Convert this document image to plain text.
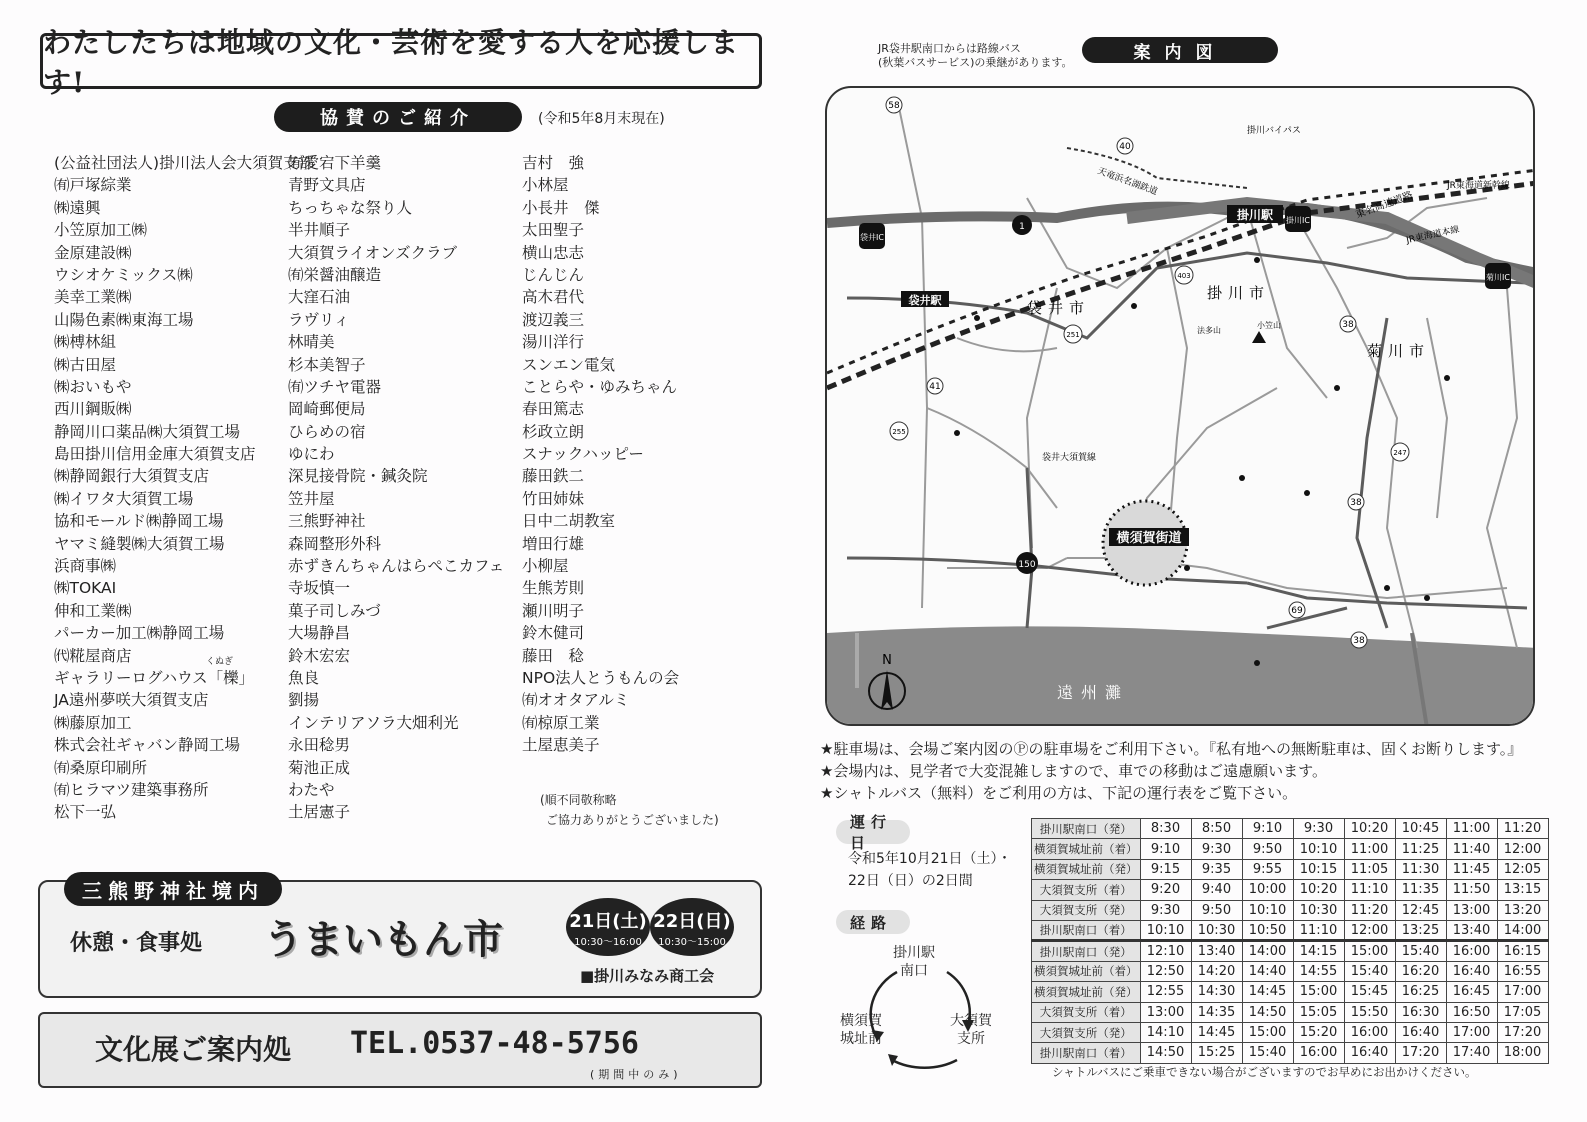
わたしたちは地域の文化・芸術を愛する人を応援します!
協賛のご紹介	(令和5年8月末現在)
(公益社団法人)掛川法人会大須賀支部
㈲戸塚綜業
㈱遠興
小笠原加工㈱
金原建設㈱
ウシオケミックス㈱
美幸工業㈱
山陽色素㈱東海工場
㈱榑林組
㈱古田屋
㈱おいもや
西川鋼販㈱
静岡川口薬品㈱大須賀工場
島田掛川信用金庫大須賀支店
㈱静岡銀行大須賀支店
㈱イワタ大須賀工場
協和モールド㈱静岡工場
ヤマミ縫製㈱大須賀工場
浜商事㈱
㈱TOKAI
伸和工業㈱
パーカー加工㈱静岡工場
㈹糀屋商店
ギャラリーログハウス「櫟」
JA遠州夢咲大須賀支店
㈱藤原加工
株式会社ギャバン静岡工場
㈲桑原印刷所
㈲ヒラマツ建築事務所
松下一弘
くぬぎ
㈲愛宕下羊羹
青野文具店
ちっちゃな祭り人
半井順子
大須賀ライオンズクラブ
㈲栄醤油醸造
大窪石油
ラヴリィ
林晴美
杉本美智子
㈲ツチヤ電器
岡崎郵便局
ひらめの宿
ゆにわ
深見接骨院・鍼灸院
笠井屋
三熊野神社
森岡整形外科
赤ずきんちゃんはらぺこカフェ
寺坂慎一
菓子司しみづ
大場静昌
鈴木宏宏
魚良
劉揚
インテリアソラ大畑利光
永田稔男
菊池正成
わたや
土居憲子
吉村　強
小林屋
小長井　傑
太田聖子
横山忠志
じんじん
高木君代
渡辺義三
湯川洋行
スンエン電気
ことらや・ゆみちゃん
春田篤志
杉政立朗
スナックハッピー
藤田鉄二
竹田姉妹
日中二胡教室
増田行雄
小柳屋
生熊芳則
瀬川明子
鈴木健司
藤田　稔
NPO法人とうもんの会
㈲オオタアルミ
㈲椋原工業
土屋恵美子
(順不同敬称略
ご協力ありがとうございました)
三熊野神社境内
休憩・食事処 うまいもん市	21日(土)
10:30～16:00
22日(日)
10:30～15:00
■掛川みなみ商工会
文化展ご案内処 TEL.0537-48-5756
(期間中のみ)
JR袋井駅南口からは路線バス
(秋葉バスサービス)の乗継があります。	案内図
横須賀街道
掛川駅
袋井駅
袋井IC
掛川IC
菊川IC
袋井市
掛川市
菊川市
遠州灘
東名高速道路
JR東海道新幹線
JR東海道本線
天竜浜名湖鉄道
掛川バイパス
袋井大須賀線
小笠山
法多山
58
1
40
403
251
41
255
150
247
38
69
38
38
N
★駐車場は、会場ご案内図のⓅの駐車場をご利用下さい。『私有地への無断駐車は、固くお断りします。』
★会場内は、見学者で大変混雑しますので、車での移動はご遠慮願います。
★シャトルバス（無料）をご利用の方は、下記の運行表をご覧下さい。
運行日
令和5年10月21日（土）・
22日（日）の2日間
経路
掛川駅
南口
大須賀
支所
横須賀
城址前
掛川駅南口（発）	8:30	8:50	9:10	9:30	10:20	10:45	11:00	11:20
横須賀城址前（着）	9:10	9:30	9:50	10:10	11:00	11:25	11:40	12:00
横須賀城址前（発）	9:15	9:35	9:55	10:15	11:05	11:30	11:45	12:05
大須賀支所（着）	9:20	9:40	10:00	10:20	11:10	11:35	11:50	13:15
大須賀支所（発）	9:30	9:50	10:10	10:30	11:20	12:45	13:00	13:20
掛川駅南口（着）	10:10	10:30	10:50	11:10	12:00	13:25	13:40	14:00
掛川駅南口（発）	12:10	13:40	14:00	14:15	15:00	15:40	16:00	16:15
横須賀城址前（着）	12:50	14:20	14:40	14:55	15:40	16:20	16:40	16:55
横須賀城址前（発）	12:55	14:30	14:45	15:00	15:45	16:25	16:45	17:00
大須賀支所（着）	13:00	14:35	14:50	15:05	15:50	16:30	16:50	17:05
大須賀支所（発）	14:10	14:45	15:00	15:20	16:00	16:40	17:00	17:20
掛川駅南口（着）	14:50	15:25	15:40	16:00	16:40	17:20	17:40	18:00
シャトルバスにご乗車できない場合がございますのでお早めにお出かけください。
